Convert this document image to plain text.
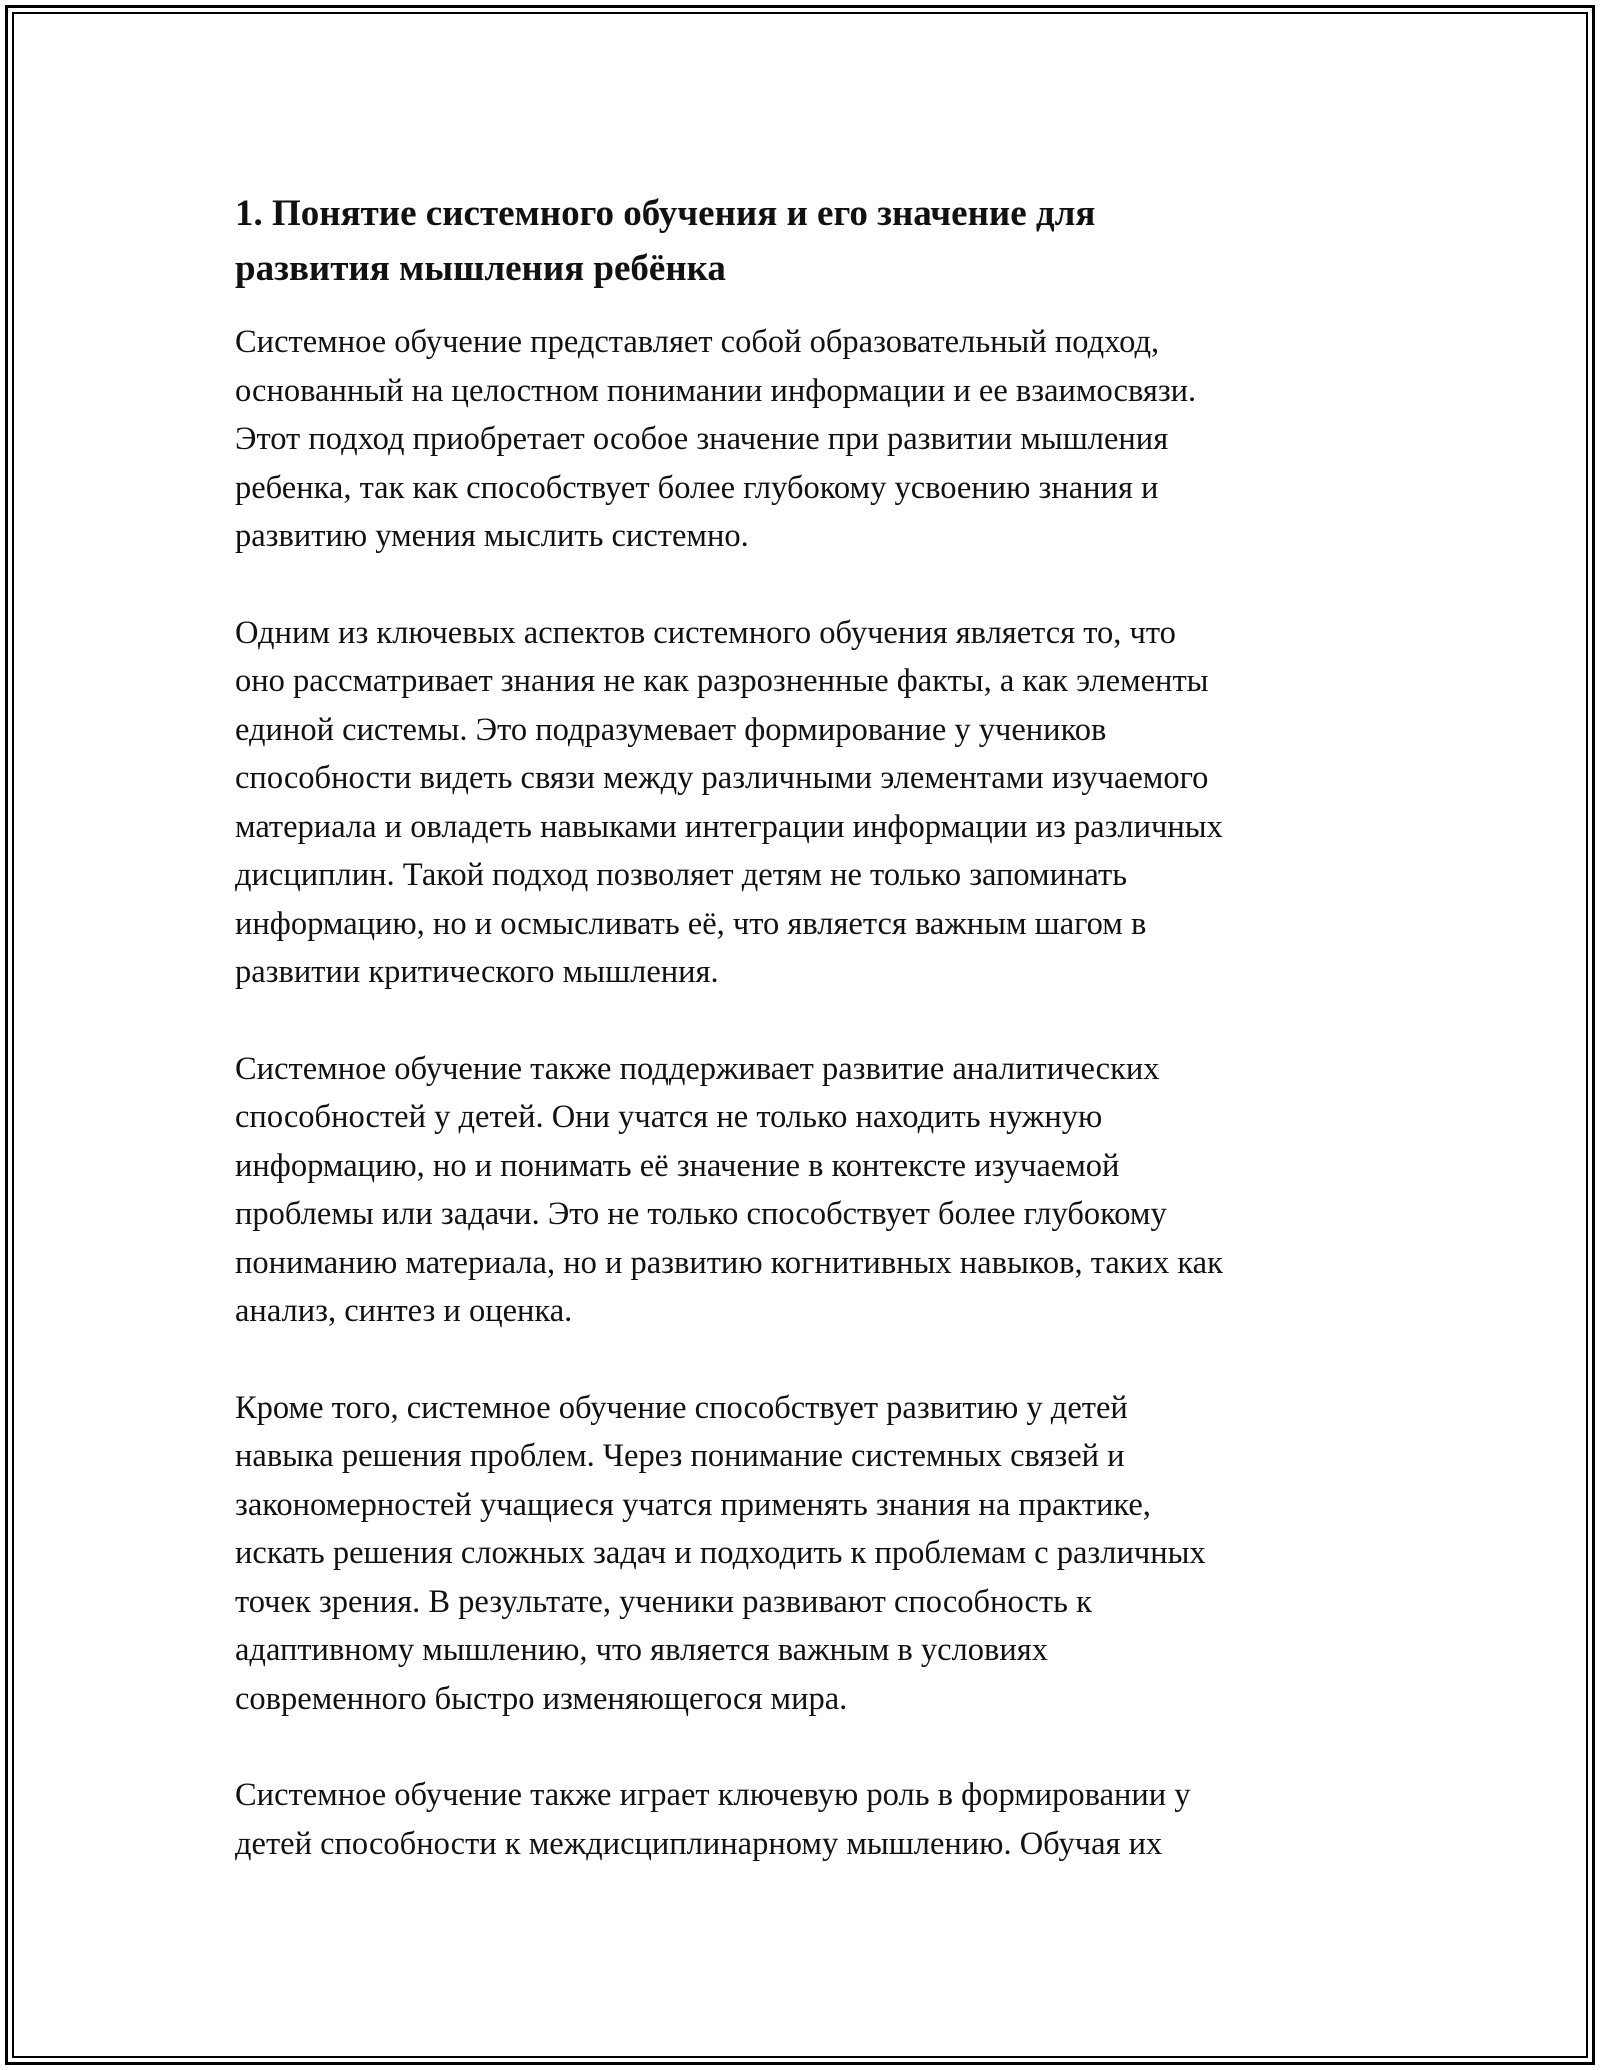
1. Понятие системного обучения и его значение для
развития мышления ребёнка

Системное обучение представляет собой образовательный подход,
основанный на целостном понимании информации и ее взаимосвязи.
Этот подход приобретает особое значение при развитии мышления
ребенка, так как способствует более глубокому усвоению знания и
развитию умения мыслить системно.

Одним из ключевых аспектов системного обучения является то, что
оно рассматривает знания не как разрозненные факты, а как элементы
единой системы. Это подразумевает формирование у учеников
способности видеть связи между различными элементами изучаемого
материала и овладеть навыками интеграции информации из различных
дисциплин. Такой подход позволяет детям не только запоминать
информацию, но и осмысливать её, что является важным шагом в
развитии критического мышления.

Системное обучение также поддерживает развитие аналитических
способностей у детей. Они учатся не только находить нужную
информацию, но и понимать её значение в контексте изучаемой
проблемы или задачи. Это не только способствует более глубокому
пониманию материала, но и развитию когнитивных навыков, таких как
анализ, синтез и оценка.

Кроме того, системное обучение способствует развитию у детей
навыка решения проблем. Через понимание системных связей и
закономерностей учащиеся учатся применять знания на практике,
искать решения сложных задач и подходить к проблемам с различных
точек зрения. В результате, ученики развивают способность к
адаптивному мышлению, что является важным в условиях
современного быстро изменяющегося мира.

Системное обучение также играет ключевую роль в формировании у
детей способности к междисциплинарному мышлению. Обучая их
